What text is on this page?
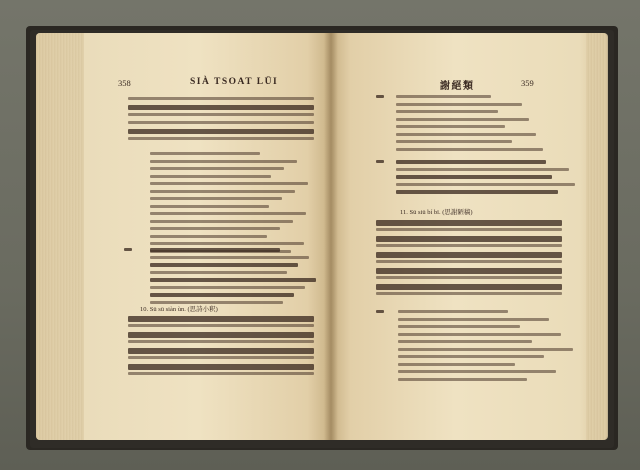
358	SIÀ TSOAT LŪI	謝絕類	359
10. Sū sū siàn ùn. (思詩小釈)
11. Sū siū bí bī. (思謝陋稿)
